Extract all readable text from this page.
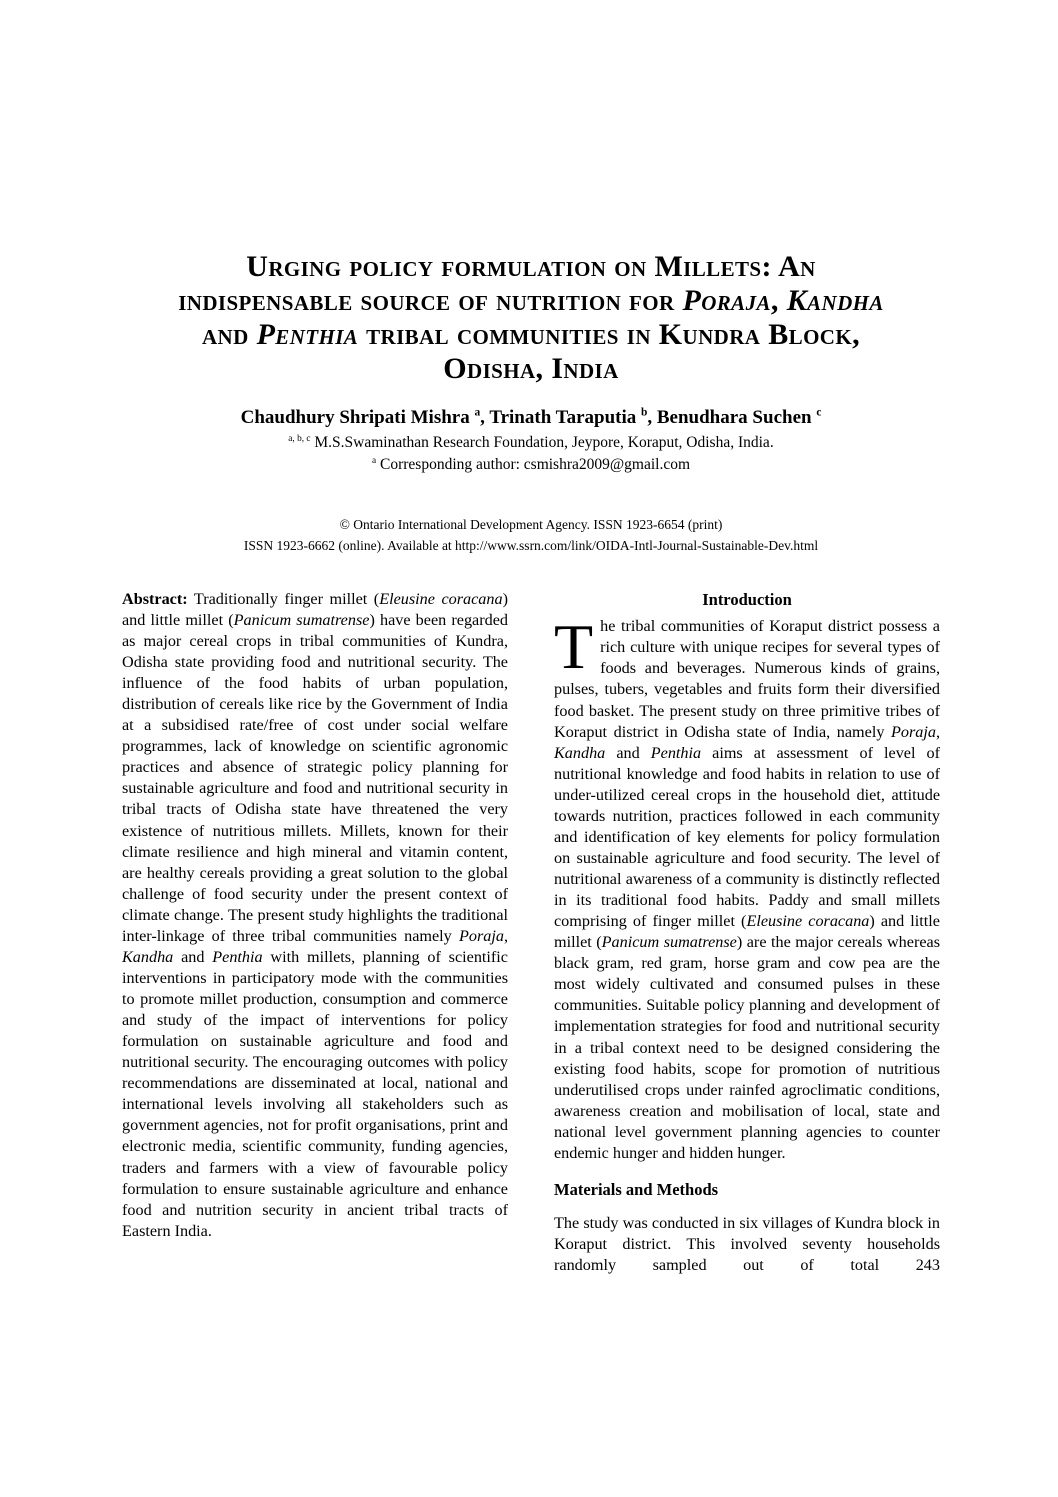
Urging policy formulation on Millets: An
indispensable source of nutrition for Poraja, Kandha
and Penthia tribal communities in Kundra Block,
Odisha, India
Chaudhury Shripati Mishra $^a$, Trinath Taraputia $^b$, Benudhara Suchen $^c$
$^{a, b, c}$ M.S.Swaminathan Research Foundation, Jeypore, Koraput, Odisha, India.
$^a$ Corresponding author: csmishra2009@gmail.com
© Ontario International Development Agency. ISSN 1923-6654 (print)
ISSN 1923-6662 (online). Available at http://www.ssrn.com/link/OIDA-Intl-Journal-Sustainable-Dev.html

Abstract: Traditionally finger millet (Eleusine coracana) and little millet (Panicum sumatrense) have been regarded as major cereal crops in tribal communities of Kundra, Odisha state providing food and nutritional security. The influence of the food habits of urban population, distribution of cereals like rice by the Government of India at a subsidised rate/free of cost under social welfare programmes, lack of knowledge on scientific agronomic practices and absence of strategic policy planning for sustainable agriculture and food and nutritional security in tribal tracts of Odisha state have threatened the very existence of nutritious millets. Millets, known for their climate resilience and high mineral and vitamin content, are healthy cereals providing a great solution to the global challenge of food security under the present context of climate change. The present study highlights the traditional inter-linkage of three tribal communities namely Poraja, Kandha and Penthia with millets, planning of scientific interventions in participatory mode with the communities to promote millet production, consumption and commerce and study of the impact of interventions for policy formulation on sustainable agriculture and food and nutritional security. The encouraging outcomes with policy recommendations are disseminated at local, national and international levels involving all stakeholders such as government agencies, not for profit organisations, print and electronic media, scientific community, funding agencies, traders and farmers with a view of favourable policy formulation to ensure sustainable agriculture and enhance food and nutrition security in ancient tribal tracts of Eastern India.

Introduction

The tribal communities of Koraput district possess a rich culture with unique recipes for several types of foods and beverages. Numerous kinds of grains, pulses, tubers, vegetables and fruits form their diversified food basket. The present study on three primitive tribes of Koraput district in Odisha state of India, namely Poraja, Kandha and Penthia aims at assessment of level of nutritional knowledge and food habits in relation to use of under-utilized cereal crops in the household diet, attitude towards nutrition, practices followed in each community and identification of key elements for policy formulation on sustainable agriculture and food security. The level of nutritional awareness of a community is distinctly reflected in its traditional food habits. Paddy and small millets comprising of finger millet (Eleusine coracana) and little millet (Panicum sumatrense) are the major cereals whereas black gram, red gram, horse gram and cow pea are the most widely cultivated and consumed pulses in these communities. Suitable policy planning and development of implementation strategies for food and nutritional security in a tribal context need to be designed considering the existing food habits, scope for promotion of nutritious underutilised crops under rainfed agroclimatic conditions, awareness creation and mobilisation of local, state and national level government planning agencies to counter endemic hunger and hidden hunger.

Materials and Methods

The study was conducted in six villages of Kundra block in Koraput district. This involved seventy households randomly sampled out of total 243
